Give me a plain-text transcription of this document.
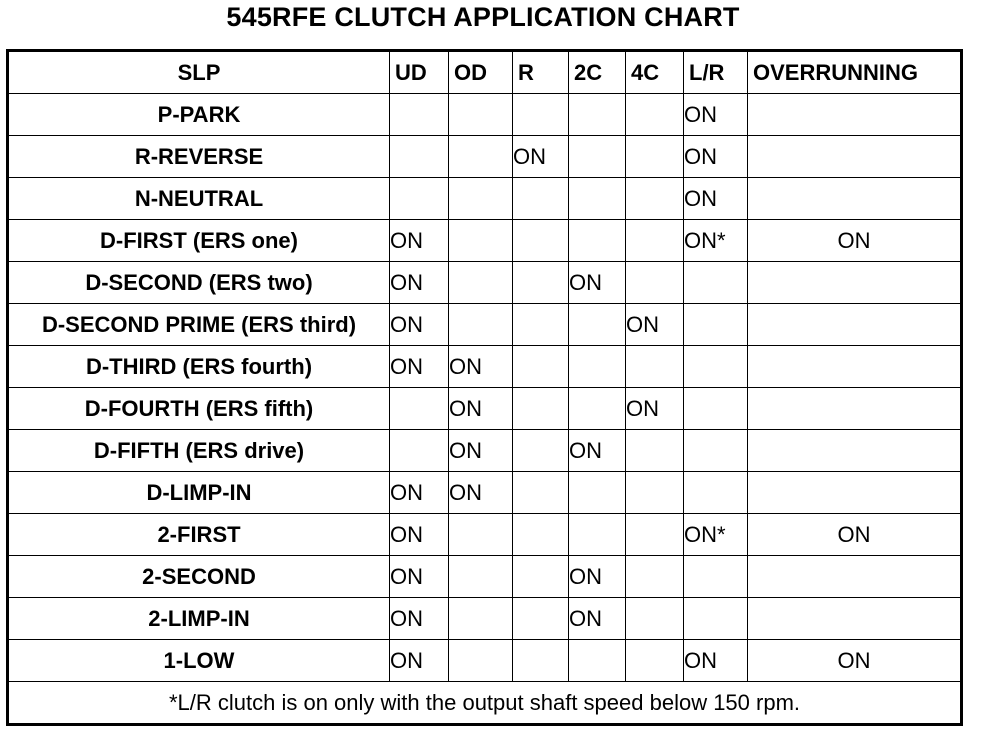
545RFE CLUTCH APPLICATION CHART
SLP	UD	OD	R	2C	4C	L/R	OVERRUNNING
P-PARK						ON	
R-REVERSE			ON			ON	
N-NEUTRAL						ON	
D-FIRST (ERS one)	ON					ON*	ON
D-SECOND (ERS two)	ON			ON			
D-SECOND PRIME (ERS third)	ON				ON		
D-THIRD (ERS fourth)	ON	ON					
D-FOURTH (ERS fifth)		ON			ON		
D-FIFTH (ERS drive)		ON		ON			
D-LIMP-IN	ON	ON					
2-FIRST	ON					ON*	ON
2-SECOND	ON			ON			
2-LIMP-IN	ON			ON			
1-LOW	ON					ON	ON
*L/R clutch is on only with the output shaft speed below 150 rpm.							
